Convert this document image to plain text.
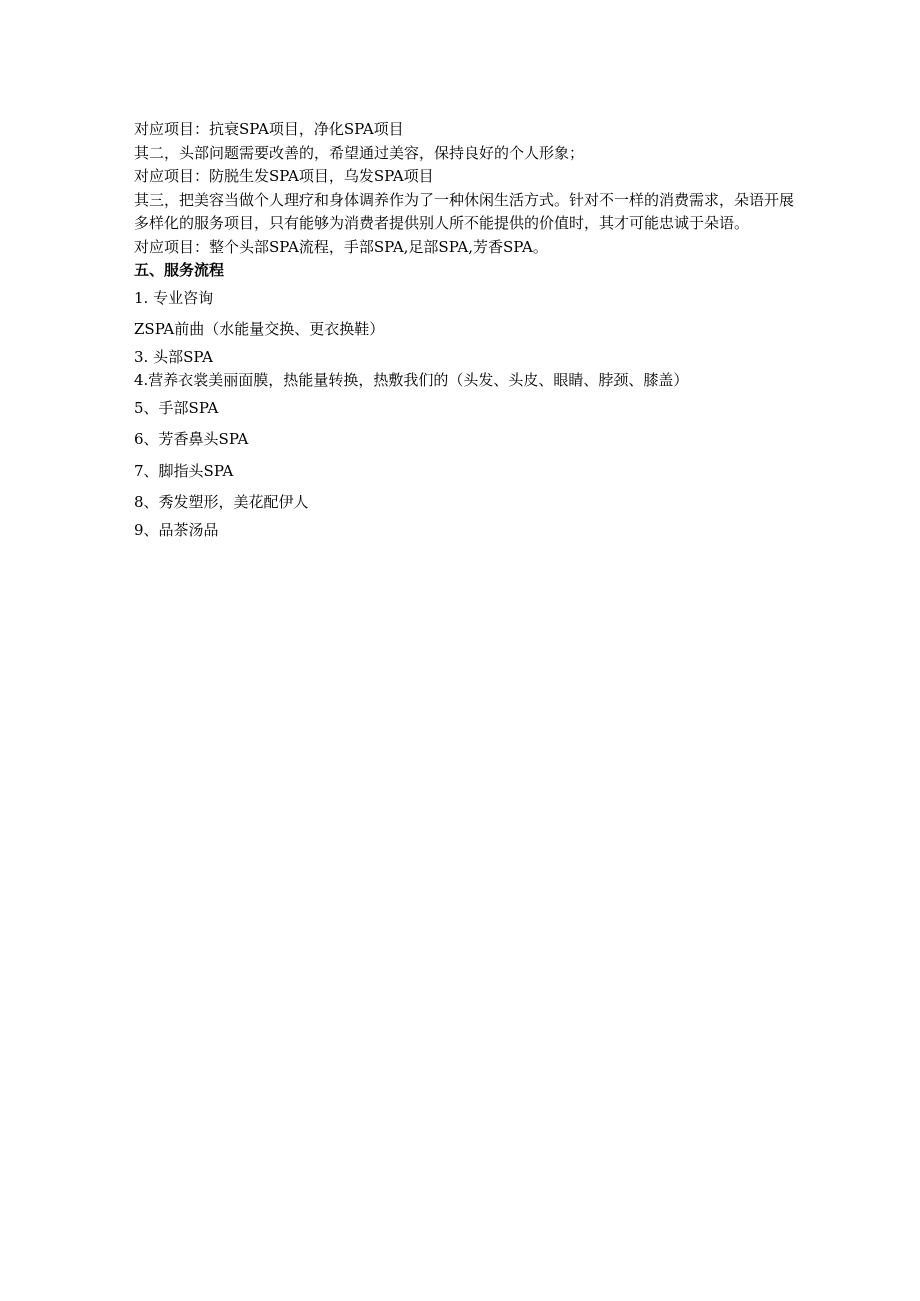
对应项目：抗衰SPA项目，净化SPA项目

其二，头部问题需要改善的，希望通过美容，保持良好的个人形象；

对应项目：防脱生发SPA项目，乌发SPA项目

其三，把美容当做个人理疗和身体调养作为了一种休闲生活方式。针对不一样的消费需求，朵语开展多样化的服务项目，只有能够为消费者提供别人所不能提供的价值时，其才可能忠诚于朵语。

对应项目：整个头部SPA流程，手部SPA,足部SPA,芳香SPA。

五、服务流程

1. 专业咨询

ZSPA前曲（水能量交换、更衣换鞋）

3. 头部SPA

4.营养衣裳美丽面膜，热能量转换，热敷我们的（头发、头皮、眼睛、脖颈、膝盖）

5、手部SPA

6、芳香鼻头SPA

7、脚指头SPA

8、秀发塑形，美花配伊人

9、品茶汤品
